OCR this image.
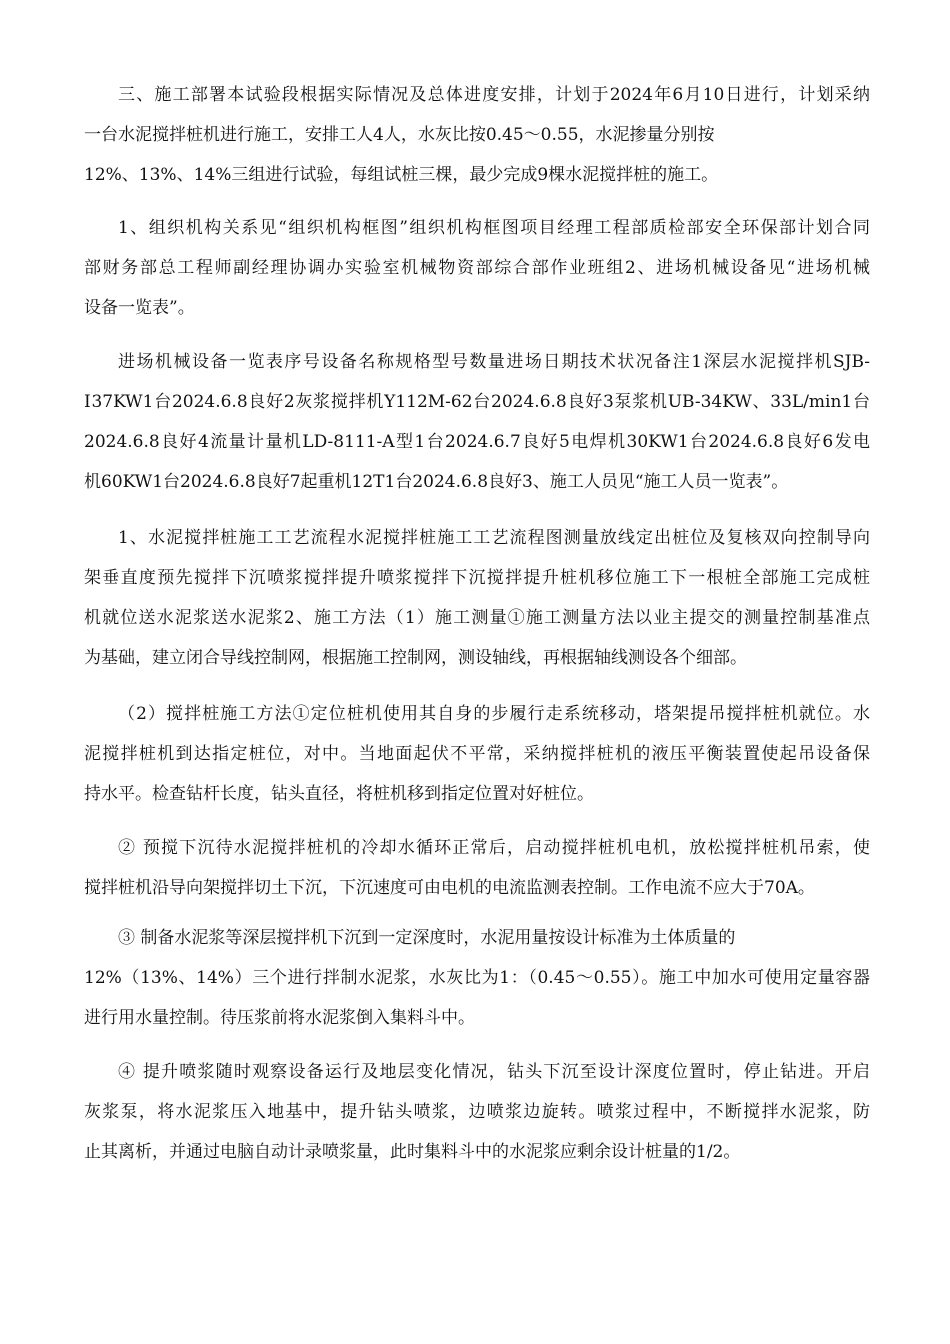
三、施工部署本试验段根据实际情况及总体进度安排，计划于2024年6月10日进行，计划采纳
一台水泥搅拌桩机进行施工，安排工人4人，水灰比按0.45～0.55，水泥掺量分别按
12%、13%、14%三组进行试验，每组试桩三棵，最少完成9棵水泥搅拌桩的施工。
1、组织机构关系见“组织机构框图”组织机构框图项目经理工程部质检部安全环保部计划合同
部财务部总工程师副经理协调办实验室机械物资部综合部作业班组2、进场机械设备见“进场机械
设备一览表”。
进场机械设备一览表序号设备名称规格型号数量进场日期技术状况备注1深层水泥搅拌机SJB-
Ⅰ37KW1台2024.6.8良好2灰浆搅拌机Y112M-62台2024.6.8良好3泵浆机UB-34KW、33L/min1台
2024.6.8良好4流量计量机LD-8111-A型1台2024.6.7良好5电焊机30KW1台2024.6.8良好6发电
机60KW1台2024.6.8良好7起重机12T1台2024.6.8良好3、施工人员见“施工人员一览表”。
1、水泥搅拌桩施工工艺流程水泥搅拌桩施工工艺流程图测量放线定出桩位及复核双向控制导向
架垂直度预先搅拌下沉喷浆搅拌提升喷浆搅拌下沉搅拌提升桩机移位施工下一根桩全部施工完成桩
机就位送水泥浆送水泥浆2、施工方法（1）施工测量①施工测量方法以业主提交的测量控制基准点
为基础，建立闭合导线控制网，根据施工控制网，测设轴线，再根据轴线测设各个细部。
（2）搅拌桩施工方法①定位桩机使用其自身的步履行走系统移动，塔架提吊搅拌桩机就位。水
泥搅拌桩机到达指定桩位，对中。当地面起伏不平常，采纳搅拌桩机的液压平衡装置使起吊设备保
持水平。检查钻杆长度，钻头直径，将桩机移到指定位置对好桩位。
② 预搅下沉待水泥搅拌桩机的冷却水循环正常后，启动搅拌桩机电机，放松搅拌桩机吊索，使
搅拌桩机沿导向架搅拌切土下沉，下沉速度可由电机的电流监测表控制。工作电流不应大于70A。
③ 制备水泥浆等深层搅拌机下沉到一定深度时，水泥用量按设计标准为土体质量的
12%（13%、14%）三个进行拌制水泥浆，水灰比为1：（0.45～0.55）。施工中加水可使用定量容器
进行用水量控制。待压浆前将水泥浆倒入集料斗中。
④ 提升喷浆随时观察设备运行及地层变化情况，钻头下沉至设计深度位置时，停止钻进。开启
灰浆泵，将水泥浆压入地基中，提升钻头喷浆，边喷浆边旋转。喷浆过程中，不断搅拌水泥浆，防
止其离析，并通过电脑自动计录喷浆量，此时集料斗中的水泥浆应剩余设计桩量的1/2。
